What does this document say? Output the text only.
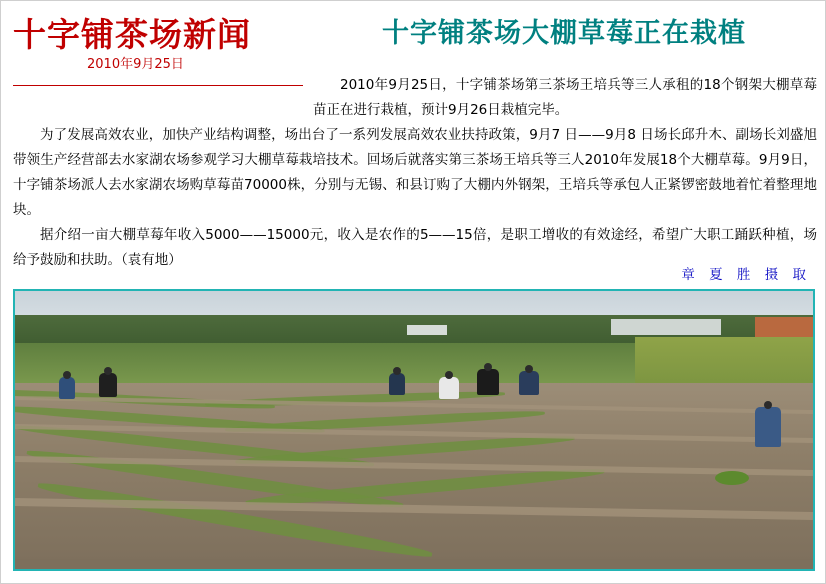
十字铺茶场新闻	十字铺茶场大棚草莓正在栽植
2010年9月25日
2010年9月25日，十字铺茶场第三茶场王培兵等三人承租的18个钢架大棚草莓苗正在进行栽植，预计9月26日栽植完毕。
为了发展高效农业，加快产业结构调整，场出台了一系列发展高效农业扶持政策，9月7 日——9月8 日场长邱升木、副场长刘盛旭带领生产经营部去水家湖农场参观学习大棚草莓栽培技术。回场后就落实第三茶场王培兵等三人2010年发展18个大棚草莓。9月9日，十字铺茶场派人去水家湖农场购草莓苗70000株，分别与无锡、和县订购了大棚内外钢架，王培兵等承包人正紧锣密鼓地着忙着整理地块。
据介绍一亩大棚草莓年收入5000——15000元，收入是农作的5——15倍，是职工增收的有效途经，希望广大职工踊跃种植，场给予鼓励和扶助。（袁有地）
章 夏 胜 摄 取
